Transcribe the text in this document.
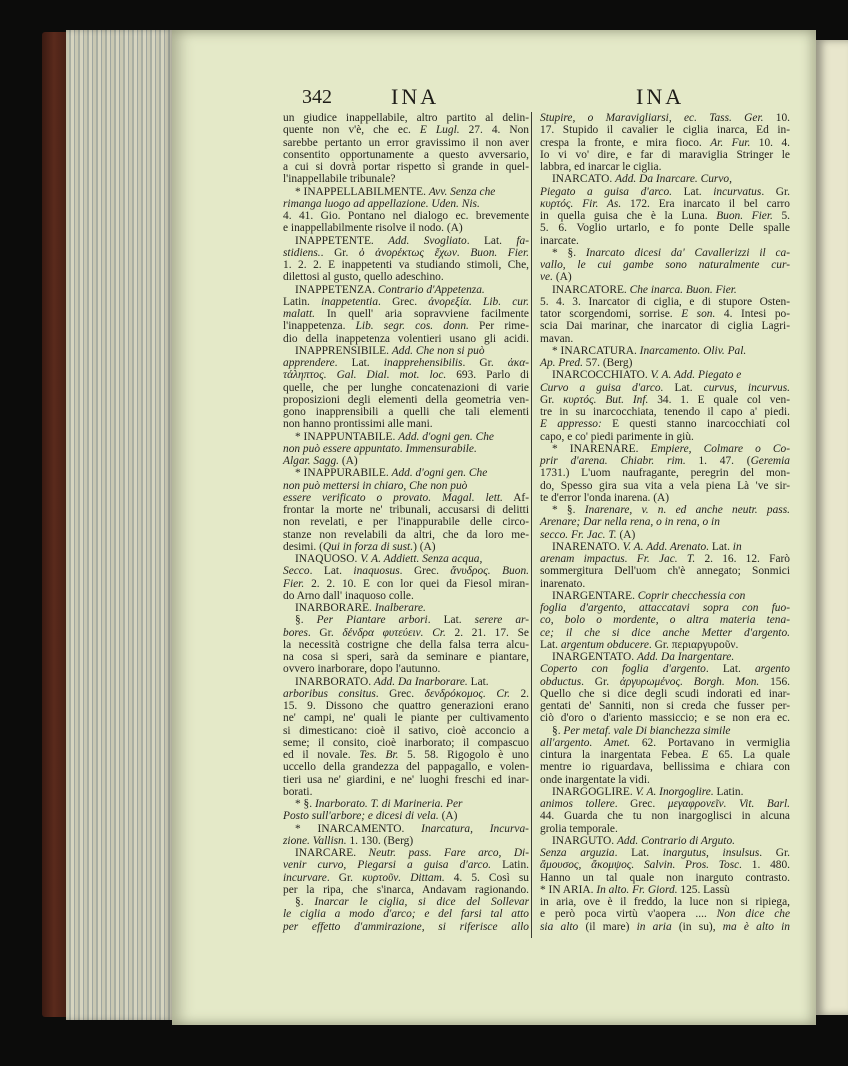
342	INA	INA
un giudice inappellabile, altro partito al delin-
quente non v'è, che ec. E Lugl. 27. 4. Non
sarebbe pertanto un error gravissimo il non aver
consentito opportunamente a questo avversario,
a cui si dovrà portar rispetto sì grande in quel-
l'inappellabile tribunale?
* INAPPELLABILMENTE. Avv. Senza che
rimanga luogo ad appellazione. Uden. Nis.
4. 41. Gio. Pontano nel dialogo ec. brevemente
e inappellabilmente risolve il nodo. (A)
INAPPETENTE. Add. Svogliato. Lat. fa-
stidiens.. Gr. ὁ ἀνορέκτως ἔχων. Buon. Fier.
1. 2. 2. E inappetenti va studiando stimoli, Che,
dilettosi al gusto, quello adeschino.
INAPPETENZA. Contrario d'Appetenza.
Latin. inappetentia. Grec. ἀνορεξία. Lib. cur.
malatt. In quell' aria sopravviene facilmente
l'inappetenza. Lib. segr. cos. donn. Per rime-
dio della inappetenza volentieri usano gli acidi.
INAPPRENSIBILE. Add. Che non si può
apprendere. Lat. inapprehensibilis. Gr. ἀκα-
τάληπτος. Gal. Dial. mot. loc. 693. Parlo di
quelle, che per lunghe concatenazioni di varie
proposizioni degli elementi della geometria ven-
gono inapprensibili a quelli che tali elementi
non hanno prontissimi alle mani.
* INAPPUNTABILE. Add. d'ogni gen. Che
non può essere appuntato. Immensurabile.
Algar. Sagg. (A)
* INAPPURABILE. Add. d'ogni gen. Che
non può mettersi in chiaro, Che non può
essere verificato o provato. Magal. lett. Af-
frontar la morte ne' tribunali, accusarsi di delitti
non revelati, e per l'inappurabile delle circo-
stanze non revelabili da altri, che da loro me-
desimi. (Qui in forza di sust.) (A)
INAQUOSO. V. A. Addiett. Senza acqua,
Secco. Lat. inaquosus. Grec. ἄνυδρος. Buon.
Fier. 2. 2. 10. E con lor quei da Fiesol miran-
do Arno dall' inaquoso colle.
INARBORARE. Inalberare.
§. Per Piantare arbori. Lat. serere ar-
bores. Gr. δένδρα φυτεύειν. Cr. 2. 21. 17. Se
la necessità costrigne che della falsa terra alcu-
na cosa si speri, sarà da seminare e piantare,
ovvero inarborare, dopo l'autunno.
INARBORATO. Add. Da Inarborare. Lat.
arboribus consitus. Grec. δενδρόκομος. Cr. 2.
15. 9. Dissono che quattro generazioni erano
ne' campi, ne' quali le piante per cultivamento
si dimesticano: cioè il sativo, cioè acconcio a
seme; il consito, cioè inarborato; il compascuo
ed il novale. Tes. Br. 5. 58. Rigogolo è uno
uccello della grandezza del pappagallo, e volen-
tieri usa ne' giardini, e ne' luoghi freschi ed inar-
borati.
* §. Inarborato. T. di Marineria. Per
Posto sull'arbore; e dicesi di vela. (A)
* INARCAMENTO. Inarcatura, Incurva-
zione. Vallisn. 1. 130. (Berg)
INARCARE. Neutr. pass. Fare arco, Di-
venir curvo, Piegarsi a guisa d'arco. Latin.
incurvare. Gr. κυρτοῦν. Dittam. 4. 5. Così su
per la ripa, che s'inarca, Andavam ragionando.
§. Inarcar le ciglia, si dice del Sollevar
le ciglia a modo d'arco; e del farsi tal atto
per effetto d'ammirazione, si riferisce allo
Stupire, o Maravigliarsi, ec. Tass. Ger. 10.
17. Stupido il cavalier le ciglia inarca, Ed in-
crespa la fronte, e mira fioco. Ar. Fur. 10. 4.
Io vi vo' dire, e far di maraviglia Stringer le
labbra, ed inarcar le ciglia.
INARCATO. Add. Da Inarcare. Curvo,
Piegato a guisa d'arco. Lat. incurvatus. Gr.
κυρτός. Fir. As. 172. Era inarcato il bel carro
in quella guisa che è la Luna. Buon. Fier. 5.
5. 6. Voglio urtarlo, e fo ponte Delle spalle
inarcate.
* §. Inarcato dicesi da' Cavallerizzi il ca-
vallo, le cui gambe sono naturalmente cur-
ve. (A)
INARCATORE. Che inarca. Buon. Fier.
5. 4. 3. Inarcator di ciglia, e di stupore Osten-
tator scorgendomi, sorrise. E son. 4. Intesi po-
scia Dai marinar, che inarcator di ciglia Lagri-
mavan.
* INARCATURA. Inarcamento. Oliv. Pal.
Ap. Pred. 57. (Berg)
INARCOCCHIATO. V. A. Add. Piegato e
Curvo a guisa d'arco. Lat. curvus, incurvus.
Gr. κυρτός. But. Inf. 34. 1. E quale col ven-
tre in su inarcocchiata, tenendo il capo a' piedi.
E appresso: E questi stanno inarcocchiati col
capo, e co' piedi parimente in giù.
* INARENARE. Empiere, Colmare o Co-
prir d'arena. Chiabr. rim. 1. 47. (Geremia
1731.) L'uom naufragante, peregrin del mon-
do, Spesso gira sua vita a vela piena Là 've sir-
te d'error l'onda inarena. (A)
* §. Inarenare, v. n. ed anche neutr. pass.
Arenare; Dar nella rena, o in rena, o in
secco. Fr. Jac. T. (A)
INARENATO. V. A. Add. Arenato. Lat. in
arenam impactus. Fr. Jac. T. 2. 16. 12. Farò
sommergitura Dell'uom ch'è annegato; Sonmici
inarenato.
INARGENTARE. Coprir checchessia con
foglia d'argento, attaccatavi sopra con fuo-
co, bolo o mordente, o altra materia tena-
ce; il che si dice anche Metter d'argento.
Lat. argentum obducere. Gr. περιαργυροῦν.
INARGENTATO. Add. Da Inargentare.
Coperto con foglia d'argento. Lat. argento
obductus. Gr. ἀργυρωμένος. Borgh. Mon. 156.
Quello che si dice degli scudi indorati ed inar-
gentati de' Sanniti, non si creda che fusser per-
ciò d'oro o d'ariento massiccio; e se non era ec.
§. Per metaf. vale Di bianchezza simile
all'argento. Amet. 62. Portavano in vermiglia
cintura la inargentata Febea. E 65. La quale
mentre io riguardava, bellissima e chiara con
onde inargentate la vidi.
INARGOGLIRE. V. A. Inorgoglire. Latin.
animos tollere. Grec. μεγαφρονεῖν. Vit. Barl.
44. Guarda che tu non inargoglisci in alcuna
grolia temporale.
INARGUTO. Add. Contrario di Arguto.
Senza arguzia. Lat. inargutus, insulsus. Gr.
ἄμουσος, ἄκομψος. Salvin. Pros. Tosc. 1. 480.
Hanno un tal quale non inarguto contrasto.
* IN ARIA. In alto. Fr. Giord. 125. Lassù
in aria, ove è il freddo, la luce non si ripiega,
e però poca virtù v'aopera .... Non dice che
sia alto (il mare) in aria (in su), ma è alto in
